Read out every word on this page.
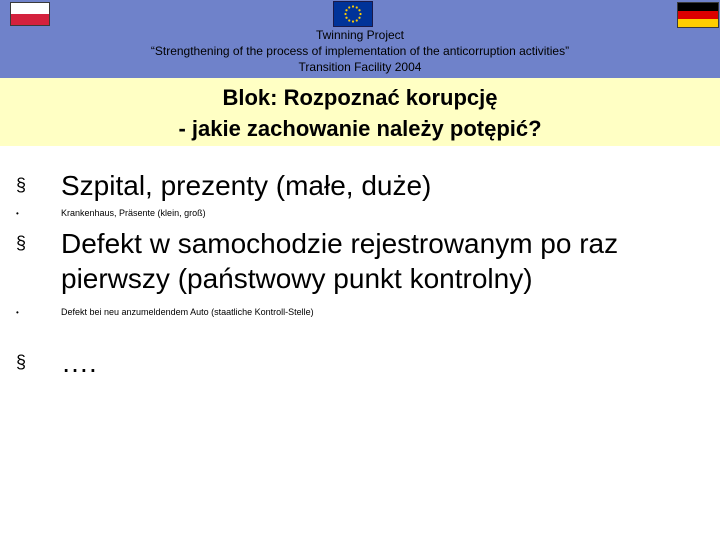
Twinning Project
“Strengthening of the process of implementation of the anticorruption activities”
Transition Facility 2004
Blok: Rozpoznać korupcję
- jakie zachowanie należy potępić?
§ Szpital, prezenty (małe, duże)
•	Krankenhaus, Präsente (klein, groß)
§ Defekt w samochodzie rejestrowanym po raz pierwszy (państwowy punkt kontrolny)
•	Defekt bei neu anzumeldendem Auto (staatliche Kontroll-Stelle)
§ ….
